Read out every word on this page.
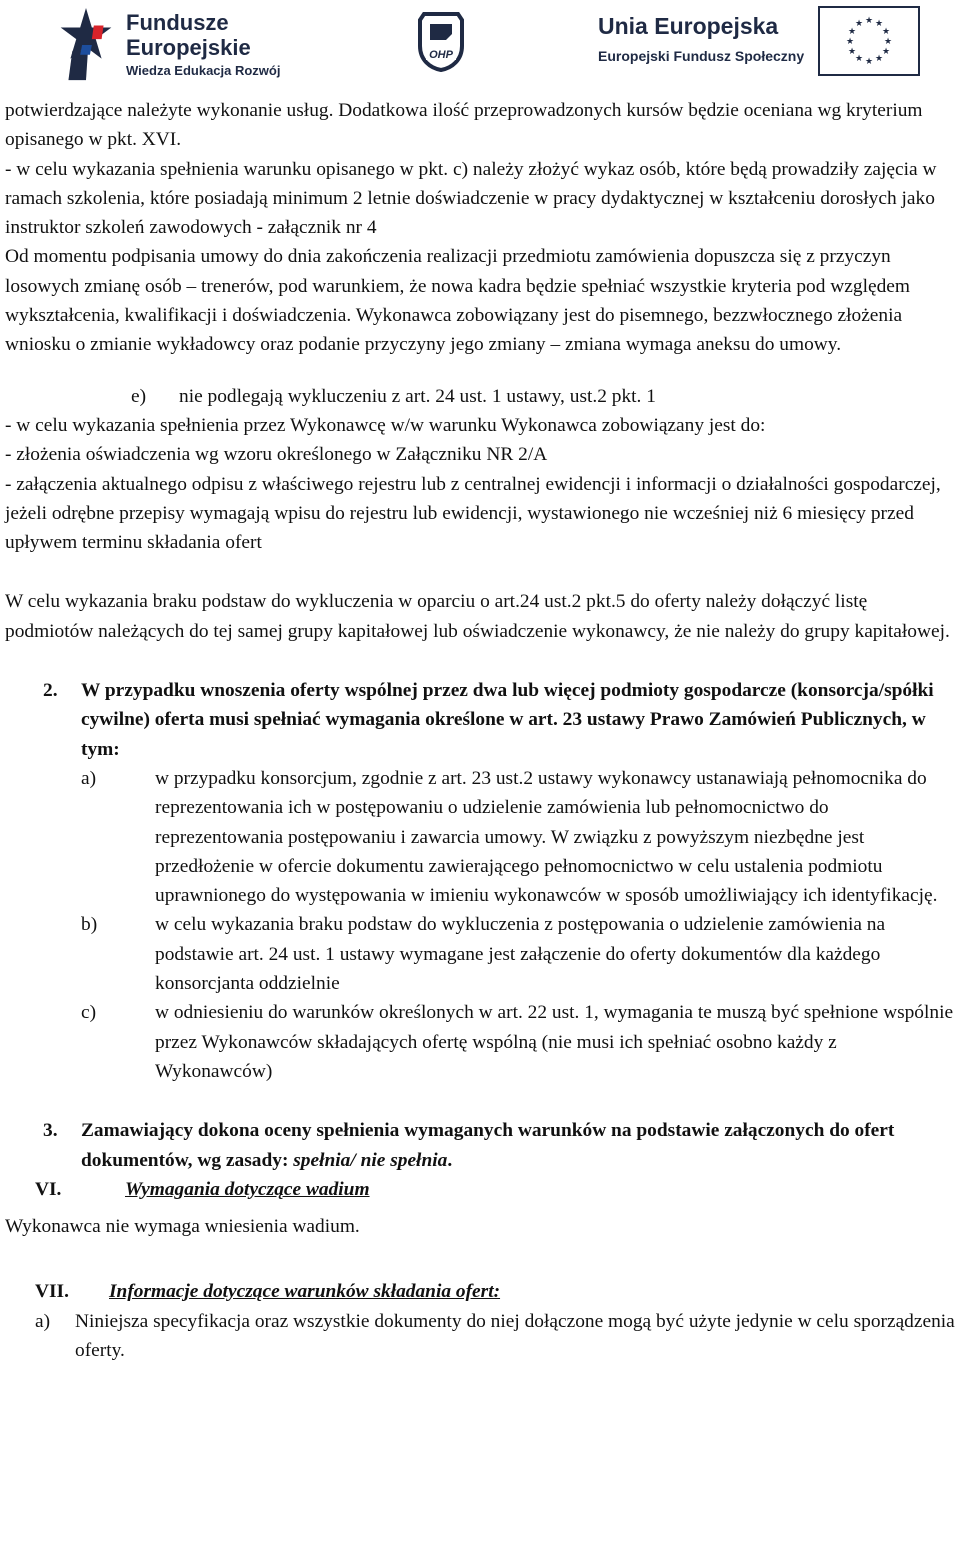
Fundusze
Europejskie
Wiedza Edukacja Rozwój
OHP
Unia Europejska
Europejski Fundusz Społeczny
★ ★
★
★
★
★
★
★
★
★
★
★

potwierdzające należyte wykonanie usług. Dodatkowa ilość przeprowadzonych kursów będzie oceniana wg kryterium opisanego w pkt. XVI.

- w celu wykazania spełnienia warunku opisanego w pkt. c) należy złożyć wykaz osób, które będą prowadziły zajęcia w ramach szkolenia, które posiadają minimum 2 letnie doświadczenie w pracy dydaktycznej w kształceniu dorosłych jako instruktor szkoleń zawodowych - załącznik nr 4

Od momentu podpisania umowy do dnia zakończenia realizacji przedmiotu zamówienia dopuszcza się z przyczyn losowych zmianę osób – trenerów, pod warunkiem, że nowa kadra będzie spełniać wszystkie kryteria pod względem wykształcenia, kwalifikacji i doświadczenia. Wykonawca zobowiązany jest do pisemnego, bezzwłocznego złożenia wniosku o zmianie wykładowcy oraz podanie przyczyny jego zmiany – zmiana wymaga aneksu do umowy.

e) nie podlegają wykluczeniu z art. 24 ust. 1 ustawy, ust.2 pkt. 1

- w celu wykazania spełnienia przez Wykonawcę w/w warunku Wykonawca zobowiązany jest do:

- złożenia oświadczenia wg wzoru określonego w Załączniku NR 2/A

- załączenia aktualnego odpisu z właściwego rejestru lub z centralnej ewidencji i informacji o działalności gospodarczej, jeżeli odrębne przepisy wymagają wpisu do rejestru lub ewidencji, wystawionego nie wcześniej niż 6 miesięcy przed upływem terminu składania ofert

W celu wykazania braku podstaw do wykluczenia w oparciu o art.24 ust.2 pkt.5 do oferty należy dołączyć listę podmiotów należących do tej samej grupy kapitałowej lub oświadczenie wykonawcy, że nie należy do grupy kapitałowej.

2.	W przypadku wnoszenia oferty wspólnej przez dwa lub więcej podmioty gospodarcze (konsorcja/spółki cywilne) oferta musi spełniać wymagania określone w art. 23 ustawy Prawo Zamówień Publicznych, w tym:
a)	w przypadku konsorcjum, zgodnie z art. 23 ust.2 ustawy wykonawcy ustanawiają pełnomocnika do reprezentowania ich w postępowaniu o udzielenie zamówienia lub pełnomocnictwo do reprezentowania postępowaniu i zawarcia umowy. W związku z powyższym niezbędne jest przedłożenie w ofercie dokumentu zawierającego pełnomocnictwo w celu ustalenia podmiotu uprawnionego do występowania w imieniu wykonawców w sposób umożliwiający ich identyfikację.
b)	w celu wykazania braku podstaw do wykluczenia z postępowania o udzielenie zamówienia na podstawie art. 24 ust. 1 ustawy wymagane jest załączenie do oferty dokumentów dla każdego konsorcjanta oddzielnie
c)	w odniesieniu do warunków określonych w art. 22 ust. 1, wymagania te muszą być spełnione wspólnie przez Wykonawców składających ofertę wspólną (nie musi ich spełniać osobno każdy z Wykonawców)
3.	Zamawiający dokona oceny spełnienia wymaganych warunków na podstawie załączonych do ofert dokumentów, wg zasady: spełnia/ nie spełnia.
VI.	Wymagania dotyczące wadium

Wykonawca nie wymaga wniesienia wadium.

VII.	Informacje dotyczące warunków składania ofert:
a)	Niniejsza specyfikacja oraz wszystkie dokumenty do niej dołączone mogą być użyte jedynie w celu sporządzenia oferty.
